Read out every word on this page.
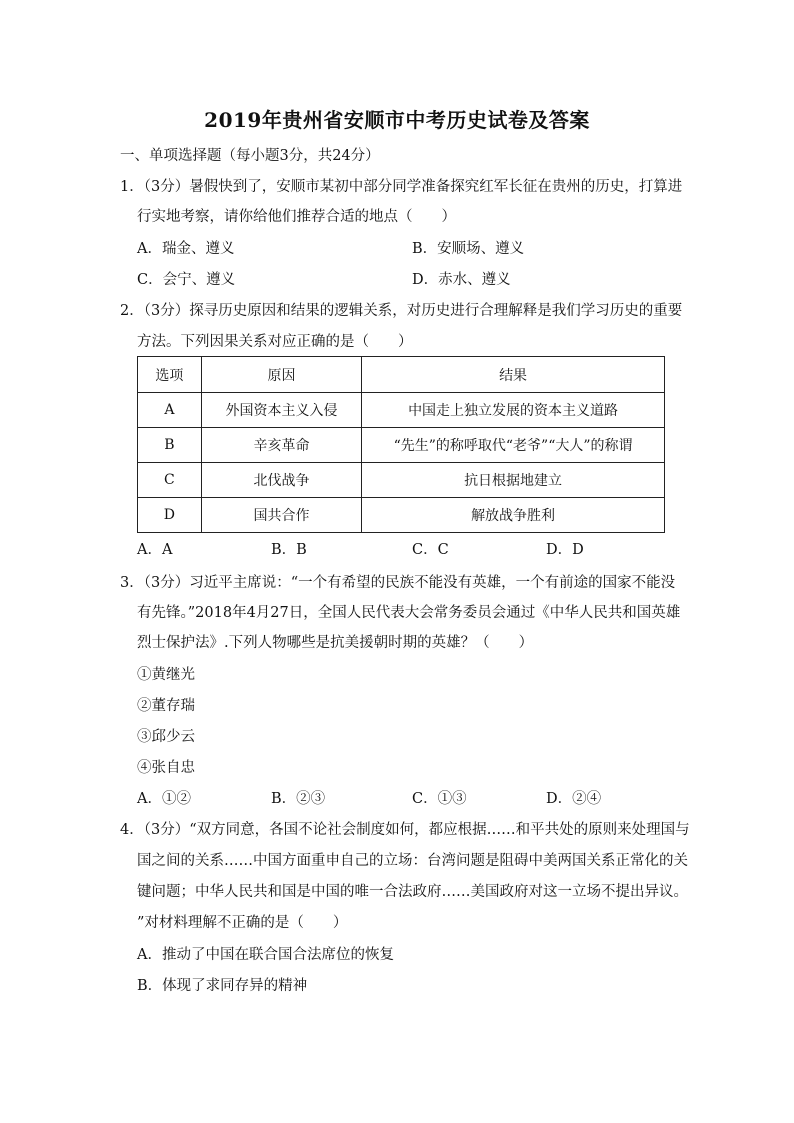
2019年贵州省安顺市中考历史试卷及答案
一、单项选择题（每小题3分，共24分）
1．（3分）暑假快到了，安顺市某初中部分同学准备探究红军长征在贵州的历史，打算进
行实地考察，请你给他们推荐合适的地点（　　）
A．瑞金、遵义	B．安顺场、遵义
C．会宁、遵义	D．赤水、遵义
2．（3分）探寻历史原因和结果的逻辑关系，对历史进行合理解释是我们学习历史的重要
方法。下列因果关系对应正确的是（　　）
选项	原因	结果
A	外国资本主义入侵	中国走上独立发展的资本主义道路
B	辛亥革命	“先生”的称呼取代“老爷”“大人”的称谓
C	北伐战争	抗日根据地建立
D	国共合作	解放战争胜利
A．A	B．B	C．C	D．D
3．（3分）习近平主席说：“一个有希望的民族不能没有英雄，一个有前途的国家不能没
有先锋。”2018年4月27日，全国人民代表大会常务委员会通过《中华人民共和国英雄
烈士保护法》.下列人物哪些是抗美援朝时期的英雄？（　　）
①黄继光
②董存瑞
③邱少云
④张自忠
A．①②	B．②③	C．①③	D．②④
4．（3分）“双方同意，各国不论社会制度如何，都应根据……和平共处的原则来处理国与
国之间的关系……中国方面重申自己的立场：台湾问题是阻碍中美两国关系正常化的关
键问题；中华人民共和国是中国的唯一合法政府……美国政府对这一立场不提出异议。
”对材料理解不正确的是（　　）
A．推动了中国在联合国合法席位的恢复
B．体现了求同存异的精神
